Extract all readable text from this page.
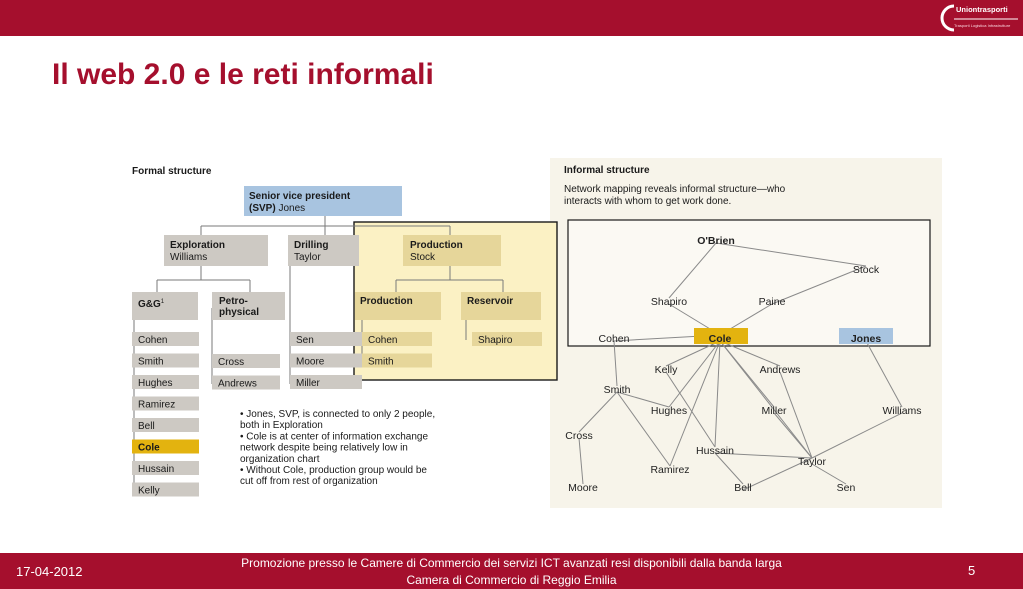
Uniontrasporti
Trasporti Logistica Infrastrutture
Il web 2.0 e le reti informali
Formal structure
Senior vice president
(SVP) Jones
Exploration
Williams
Drilling
Taylor
Production
Stock
$G\&G^1$	Petro-
physical
Production	Reservoir
Cohen
Smith
Hughes
Ramirez
Bell
Cole
Hussain
Kelly
Cross
Andrews
Sen
Moore
Miller
Cohen
Smith
Shapiro
• Jones, SVP, is connected to only 2 people,
both in Exploration
• Cole is at center of information exchange
network despite being relatively low in
organization chart
• Without Cole, production group would be
cut off from rest of organization
Informal structure
Network mapping reveals informal structure—who
interacts with whom to get work done.
O'Brien
Stock
Shapiro	Paine
Cohen	Cole	Jones
Kelly	Andrews
Smith
Hughes	Miller	Williams
Cross
Hussain
Ramirez
Taylor
Moore	Bell	Sen
17-04-2012
Promozione presso le Camere di Commercio dei servizi ICT avanzati resi disponibili dalla banda larga
Camera di Commercio di Reggio Emilia
5
